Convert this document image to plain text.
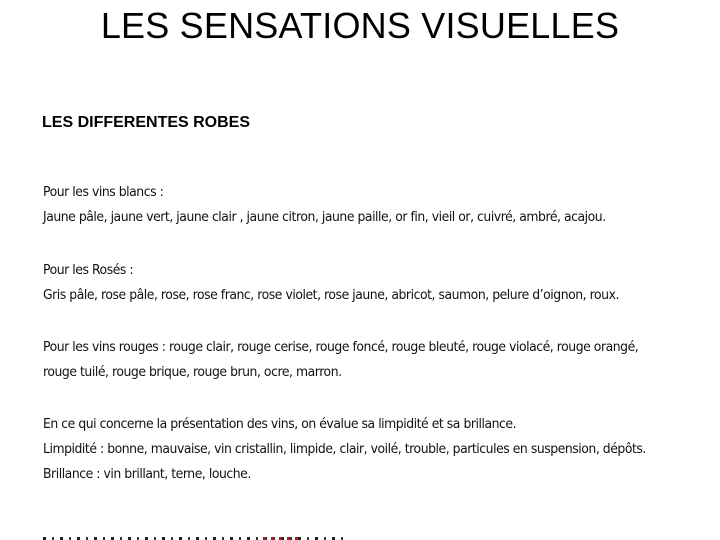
LES SENSATIONS VISUELLES
LES DIFFERENTES ROBES
Pour les vins blancs :
Jaune pâle, jaune vert, jaune clair , jaune citron, jaune paille, or fin, vieil or, cuivré, ambré, acajou.
Pour les Rosés :
Gris pâle, rose pâle, rose, rose franc, rose violet, rose jaune, abricot, saumon, pelure d’oignon, roux.
Pour les vins rouges : rouge clair, rouge cerise, rouge foncé, rouge bleuté, rouge violacé, rouge orangé,
rouge tuilé, rouge brique, rouge brun, ocre, marron.
En ce qui concerne la présentation des vins, on évalue sa limpidité et sa brillance.
Limpidité : bonne, mauvaise, vin cristallin, limpide, clair, voilé, trouble, particules en suspension, dépôts.
Brillance : vin brillant, terne, louche.
